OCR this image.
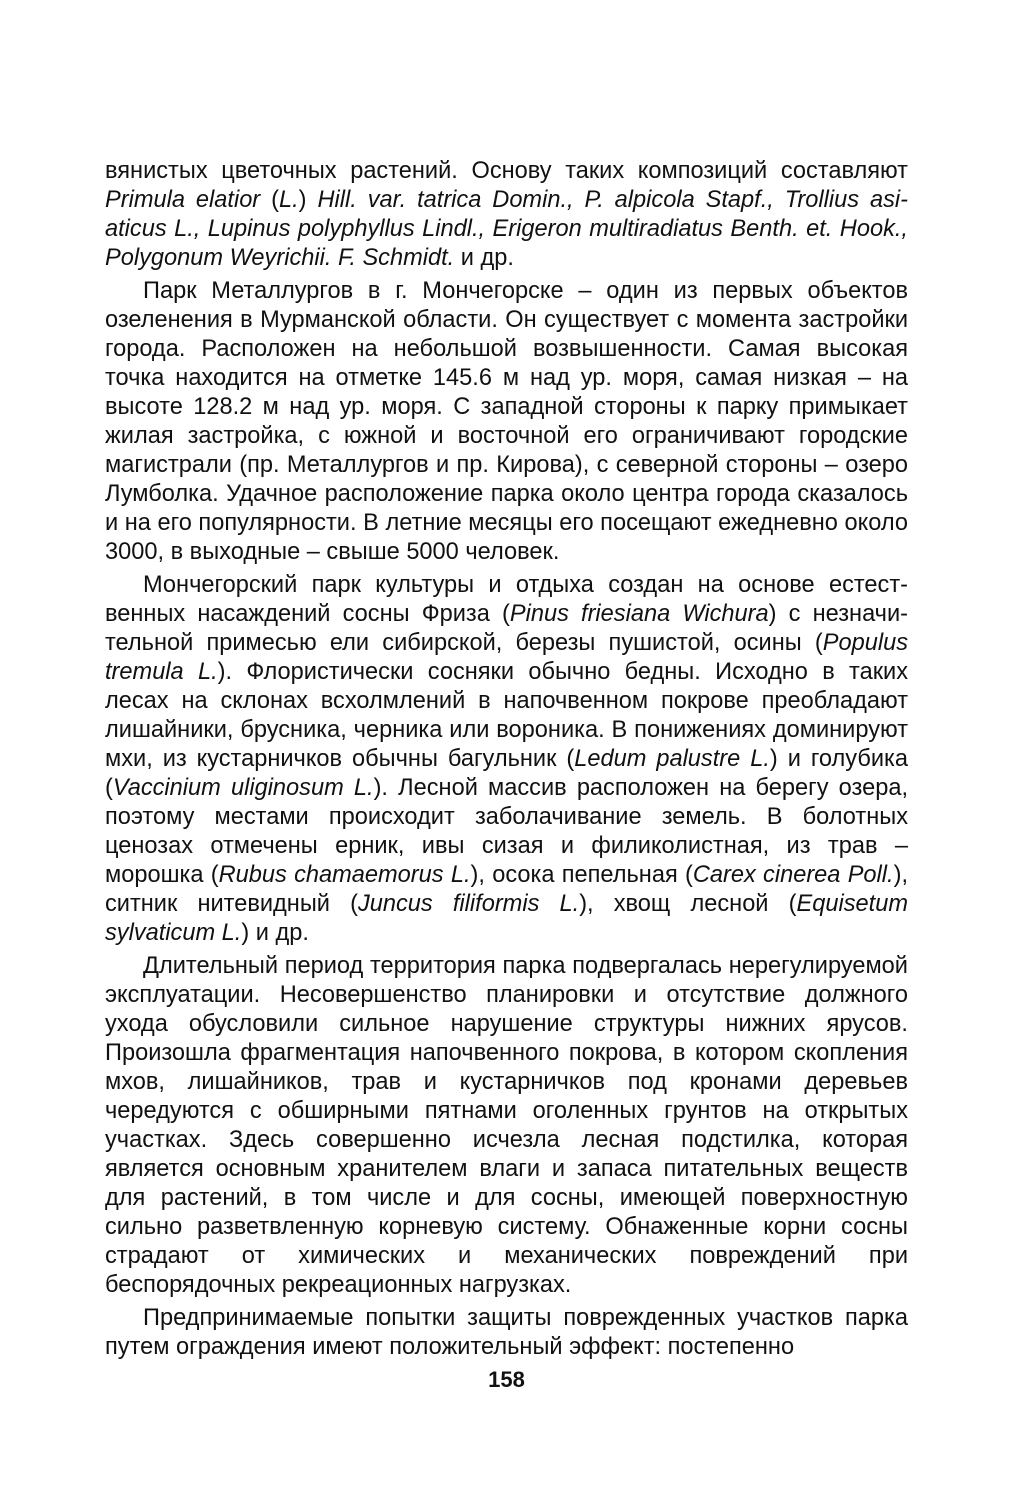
вянистых цветочных растений. Основу таких композиций составляют Primula elatior (L.) Hill. var. tatrica Domin., P. alpicola Stapf., Trollius asiaticus L., Lupinus polyphyllus Lindl., Erigeron multiradiatus Benth. et. Hook., Polygonum Weyrichii. F. Schmidt. и др.

Парк Металлургов в г. Мончегорске – один из первых объектов озеленения в Мурманской области. Он существует с момента застройки города. Расположен на небольшой возвышенности. Самая высокая точка находится на отметке 145.6 м над ур. моря, самая низкая – на высоте 128.2 м над ур. моря. С западной стороны к парку примыкает жилая застройка, с южной и восточной его ограничивают городские магистрали (пр. Металлургов и пр. Кирова), с северной стороны – озеро Лумболка. Удачное расположение парка около центра города сказалось и на его популярности. В летние месяцы его посещают ежедневно около 3000, в выходные – свыше 5000 человек.

Мончегорский парк культуры и отдыха создан на основе естественных насаждений сосны Фриза (Pinus friesiana Wichura) с незначительной примесью ели сибирской, березы пушистой, осины (Populus tremula L.). Флористически сосняки обычно бедны. Исходно в таких лесах на склонах всхолмлений в напочвенном покрове преобладают лишайники, брусника, черника или вороника. В понижениях доминируют мхи, из кустарничков обычны багульник (Ledum palustre L.) и голубика (Vaccinium uliginosum L.). Лесной массив расположен на берегу озера, поэтому местами происходит заболачивание земель. В болотных ценозах отмечены ерник, ивы сизая и филиколистная, из трав – морошка (Rubus chamaemorus L.), осока пепельная (Carex cinerea Poll.), ситник нитевидный (Juncus filiformis L.), хвощ лесной (Equisetum sylvaticum L.) и др.

Длительный период территория парка подвергалась нерегулируемой эксплуатации. Несовершенство планировки и отсутствие должного ухода обусловили сильное нарушение структуры нижних ярусов. Произошла фрагментация напочвенного покрова, в котором скопления мхов, лишайников, трав и кустарничков под кронами деревьев чередуются с обширными пятнами оголенных грунтов на открытых участках. Здесь совершенно исчезла лесная подстилка, которая является основным хранителем влаги и запаса питательных веществ для растений, в том числе и для сосны, имеющей поверхностную сильно разветвленную корневую систему. Обнаженные корни сосны страдают от химических и механических повреждений при беспорядочных рекреационных нагрузках.

Предпринимаемые попытки защиты поврежденных участков парка путем ограждения имеют положительный эффект: постепенно

158
